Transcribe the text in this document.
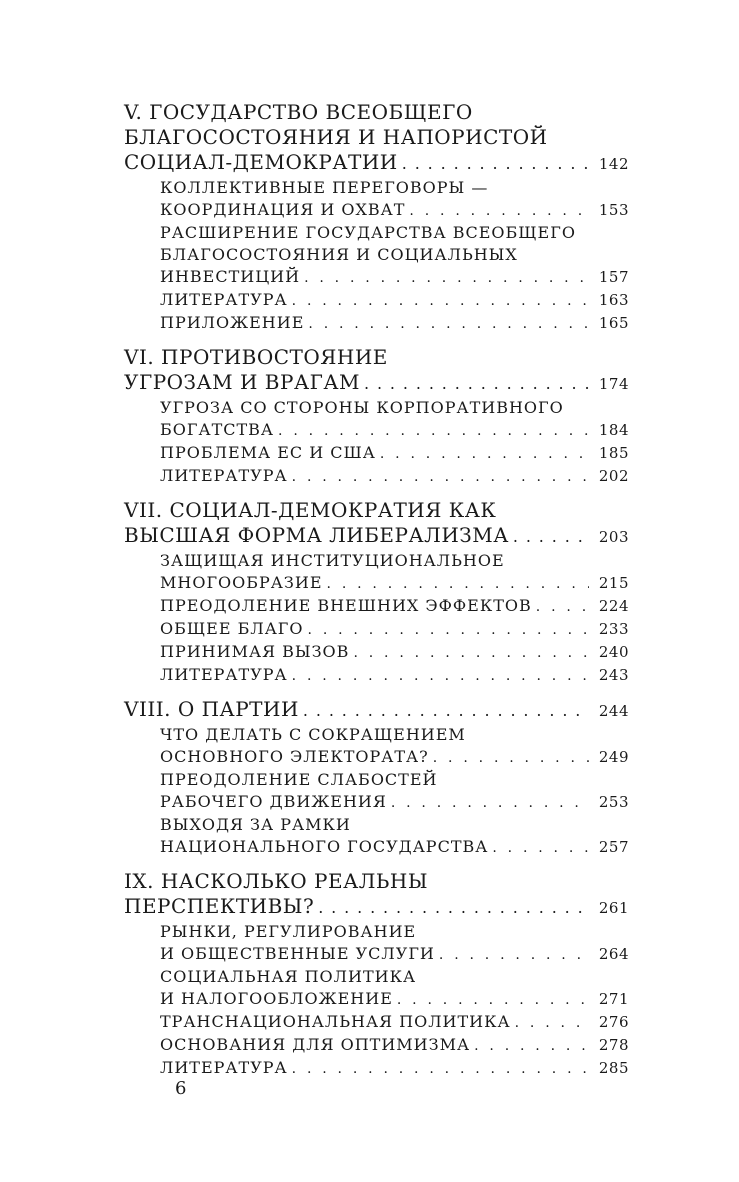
V. ГОСУДАРСТВО ВСЕОБЩЕГО
БЛАГОСОСТОЯНИЯ И НАПОРИСТОЙ
СОЦИАЛ-ДЕМОКРАТИИ . . .	142
КОЛЛЕКТИВНЫЕ ПЕРЕГОВОРЫ —
КООРДИНАЦИЯ И ОХВАТ . . .	153
РАСШИРЕНИЕ ГОСУДАРСТВА ВСЕОБЩЕГО
БЛАГОСОСТОЯНИЯ И СОЦИАЛЬНЫХ
ИНВЕСТИЦИЙ . . .	157
ЛИТЕРАТУРА . . .	163
ПРИЛОЖЕНИЕ . . .	165
VI. ПРОТИВОСТОЯНИЕ
УГРОЗАМ И ВРАГАМ . . .	174
УГРОЗА СО СТОРОНЫ КОРПОРАТИВНОГО
БОГАТСТВА . . .	184
ПРОБЛЕМА ЕС И США . . .	185
ЛИТЕРАТУРА . . .	202
VII. СОЦИАЛ-ДЕМОКРАТИЯ КАК
ВЫСШАЯ ФОРМА ЛИБЕРАЛИЗМА . . .	203
ЗАЩИЩАЯ ИНСТИТУЦИОНАЛЬНОЕ
МНОГООБРАЗИЕ . . .	215
ПРЕОДОЛЕНИЕ ВНЕШНИХ ЭФФЕКТОВ . . .	224
ОБЩЕЕ БЛАГО . . .	233
ПРИНИМАЯ ВЫЗОВ . . .	240
ЛИТЕРАТУРА . . .	243
VIII. О ПАРТИИ . . .	244
ЧТО ДЕЛАТЬ С СОКРАЩЕНИЕМ
ОСНОВНОГО ЭЛЕКТОРАТА? . . .	249
ПРЕОДОЛЕНИЕ СЛАБОСТЕЙ
РАБОЧЕГО ДВИЖЕНИЯ . . .	253
ВЫХОДЯ ЗА РАМКИ
НАЦИОНАЛЬНОГО ГОСУДАРСТВА . . .	257
IX. НАСКОЛЬКО РЕАЛЬНЫ
ПЕРСПЕКТИВЫ? . . .	261
РЫНКИ, РЕГУЛИРОВАНИЕ
И ОБЩЕСТВЕННЫЕ УСЛУГИ . . .	264
СОЦИАЛЬНАЯ ПОЛИТИКА
И НАЛОГООБЛОЖЕНИЕ . . .	271
ТРАНСНАЦИОНАЛЬНАЯ ПОЛИТИКА . . .	276
ОСНОВАНИЯ ДЛЯ ОПТИМИЗМА . . .	278
ЛИТЕРАТУРА . . .	285
6
